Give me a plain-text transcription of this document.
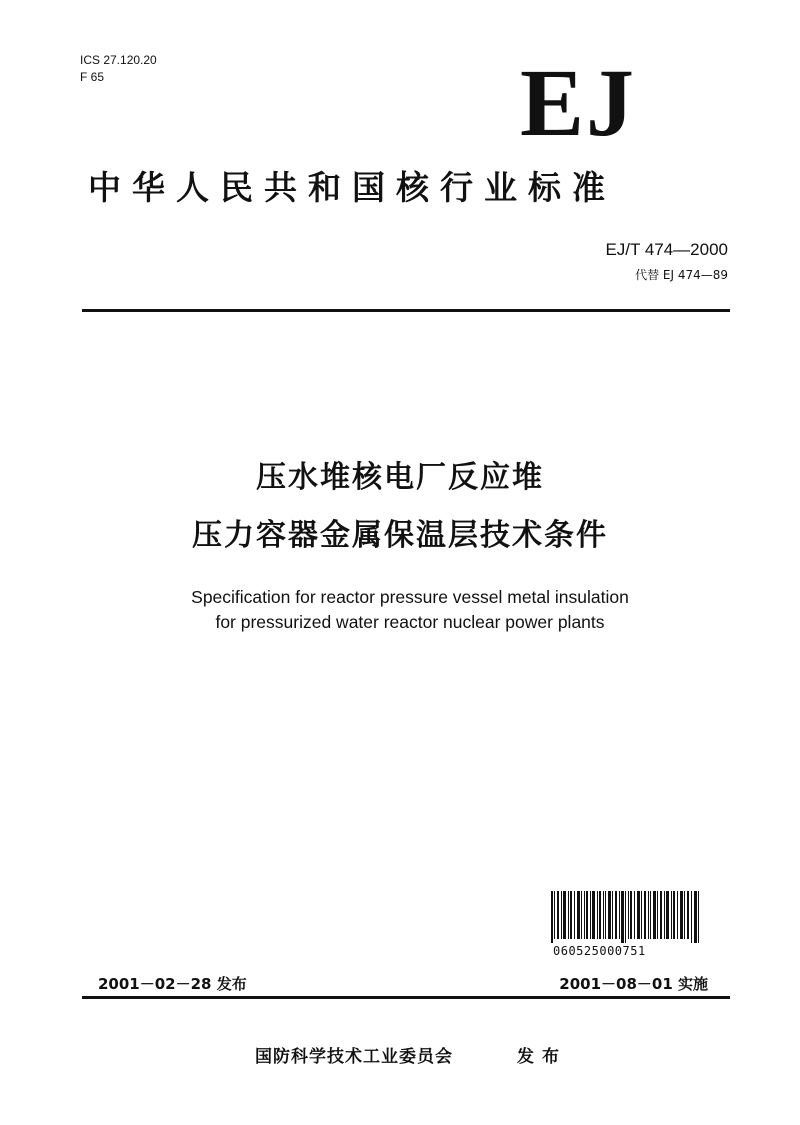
ICS 27.120.20
F 65	EJ
中华人民共和国核行业标准
EJ/T 474—2000
代替 EJ 474—89
压水堆核电厂反应堆
压力容器金属保温层技术条件
Specification for reactor pressure vessel metal insulation
for pressurized water reactor nuclear power plants
060525000751
2001－02－28 发布	2001－08－01 实施
国防科学技术工业委员会	发布
